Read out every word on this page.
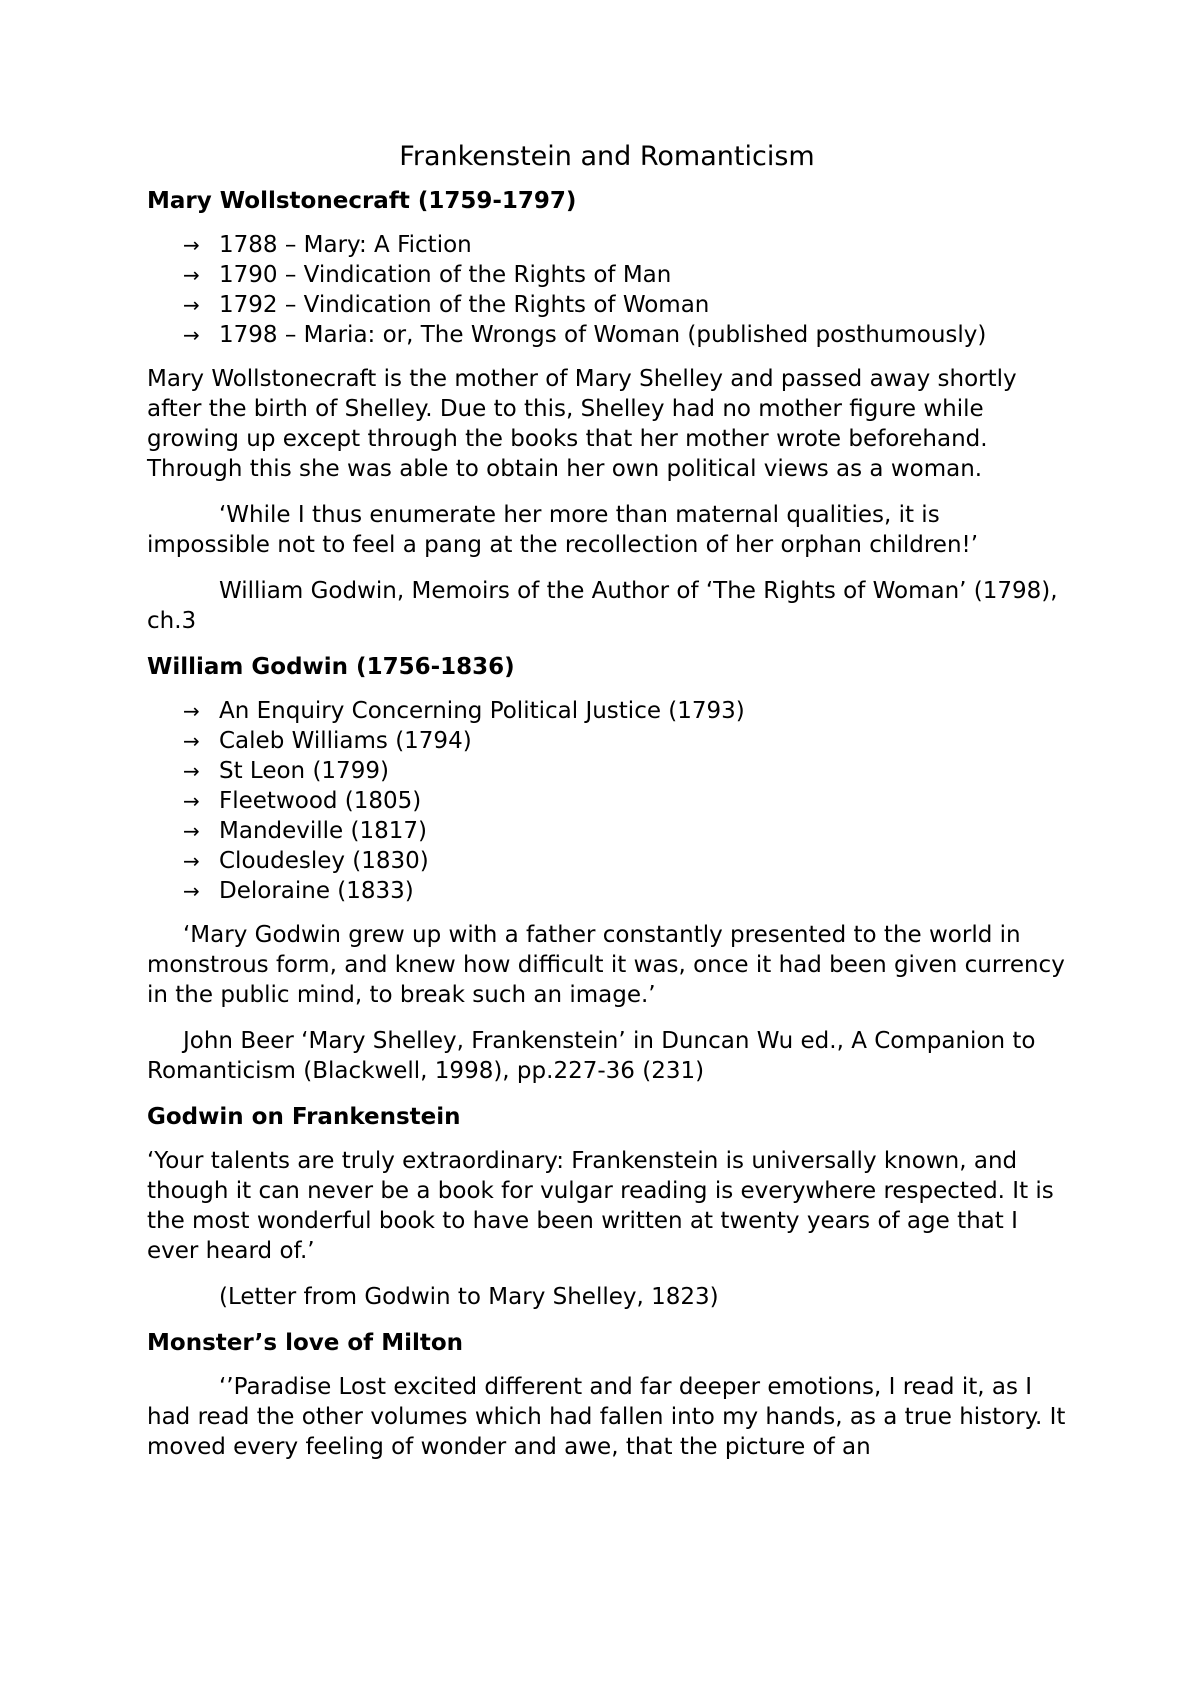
Frankenstein and Romanticism
Mary Wollstonecraft (1759-1797)
→ 1788 – Mary: A Fiction
→ 1790 – Vindication of the Rights of Man
→ 1792 – Vindication of the Rights of Woman
→ 1798 – Maria: or, The Wrongs of Woman (published posthumously)

Mary Wollstonecraft is the mother of Mary Shelley and passed away shortly after the birth of Shelley. Due to this, Shelley had no mother figure while growing up except through the books that her mother wrote beforehand. Through this she was able to obtain her own political views as a woman.

‘While I thus enumerate her more than maternal qualities, it is impossible not to feel a pang at the recollection of her orphan children!’

William Godwin, Memoirs of the Author of ‘The Rights of Woman’ (1798), ch.3

William Godwin (1756-1836)
→ An Enquiry Concerning Political Justice (1793)
→ Caleb Williams (1794)
→ St Leon (1799)
→ Fleetwood (1805)
→ Mandeville (1817)
→ Cloudesley (1830)
→ Deloraine (1833)

‘Mary Godwin grew up with a father constantly presented to the world in monstrous form, and knew how difficult it was, once it had been given currency in the public mind, to break such an image.’

John Beer ‘Mary Shelley, Frankenstein’ in Duncan Wu ed., A Companion to Romanticism (Blackwell, 1998), pp.227-36 (231)

Godwin on Frankenstein

‘Your talents are truly extraordinary: Frankenstein is universally known, and though it can never be a book for vulgar reading is everywhere respected. It is the most wonderful book to have been written at twenty years of age that I ever heard of.’

(Letter from Godwin to Mary Shelley, 1823)

Monster’s love of Milton

‘’Paradise Lost excited different and far deeper emotions, I read it, as I had read the other volumes which had fallen into my hands, as a true history. It moved every feeling of wonder and awe, that the picture of an
